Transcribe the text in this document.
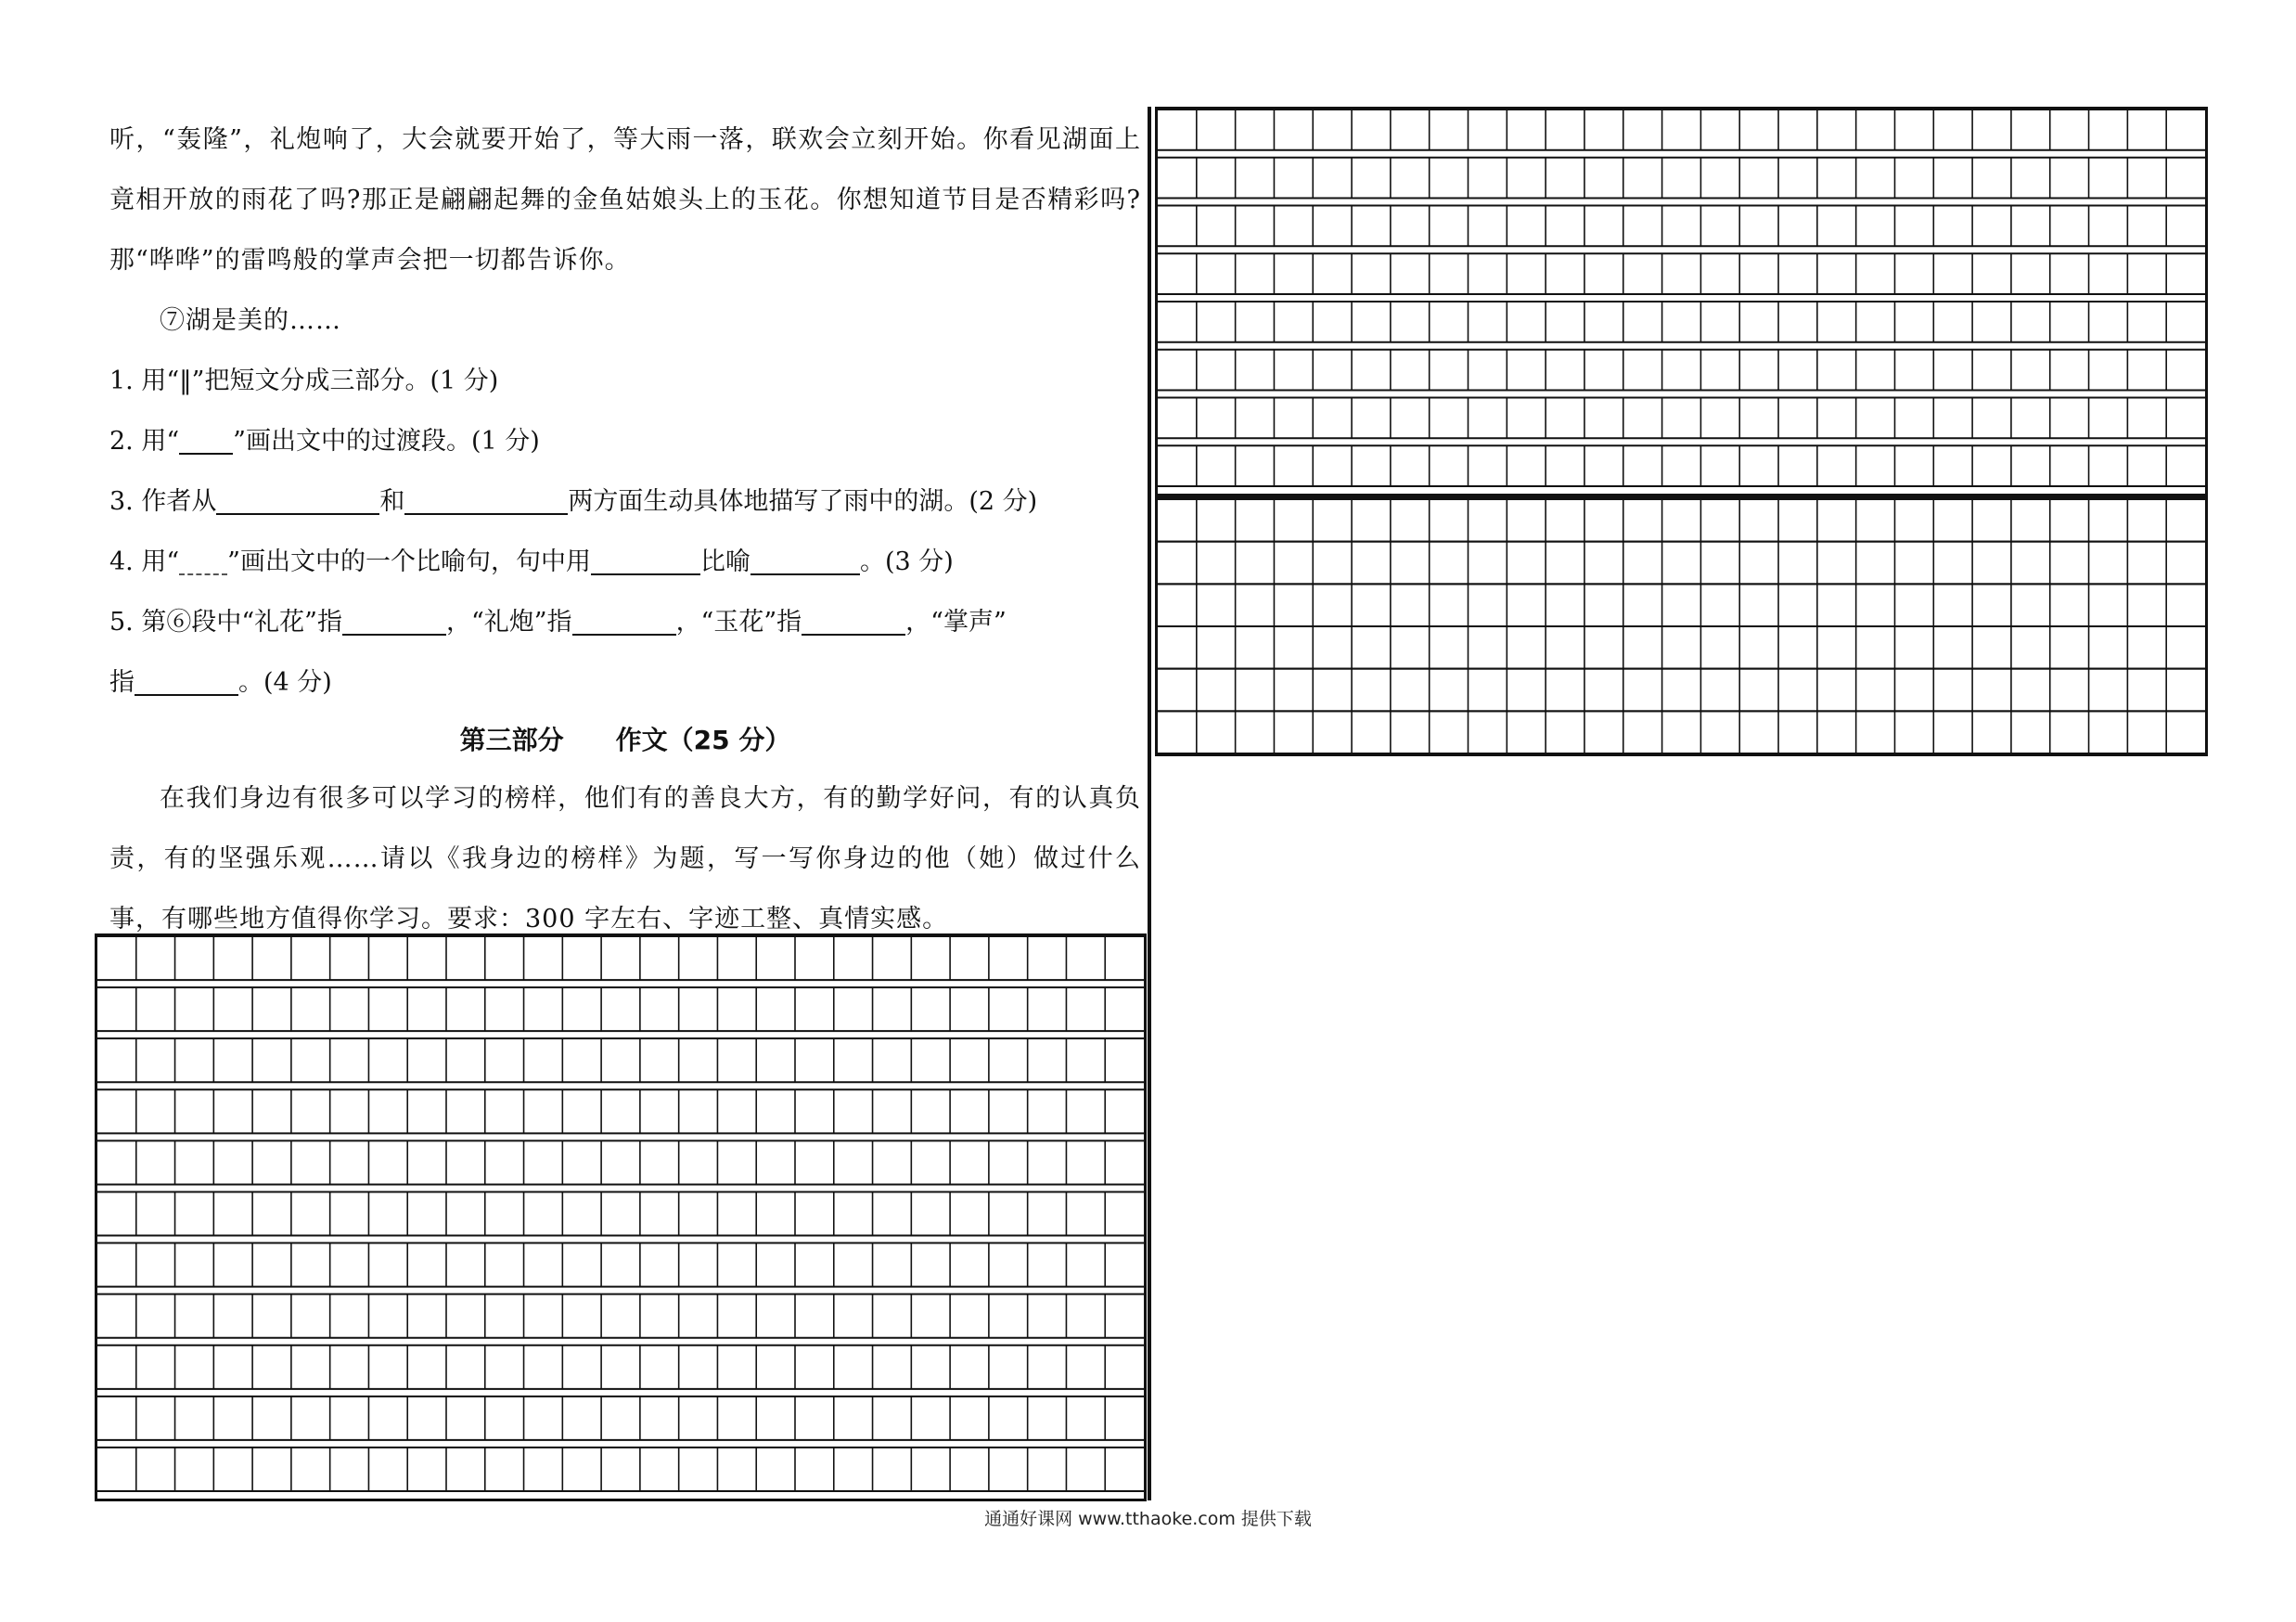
听，“轰隆”，礼炮响了，大会就要开始了，等大雨一落，联欢会立刻开始。你看见湖面上竟相开放的雨花了吗?那正是翩翩起舞的金鱼姑娘头上的玉花。你想知道节目是否精彩吗?那“哗哗”的雷鸣般的掌声会把一切都告诉你。

⑦湖是美的……

1. 用“‖”把短文分成三部分。(1 分)

2. 用“ ”画出文中的过渡段。(1 分)

3. 作者从	和	两方面生动具体地描写了雨中的湖。(2 分)

4. 用“ ”画出文中的一个比喻句，句中用	比喻	。(3 分)

5. 第⑥段中“礼花”指	，“礼炮”指	，“玉花”指	，“掌声”

指	。(4 分)

第三部分　　作文（25 分）

在我们身边有很多可以学习的榜样，他们有的善良大方，有的勤学好问，有的认真负责，有的坚强乐观……请以《我身边的榜样》为题，写一写你身边的他（她）做过什么事，有哪些地方值得你学习。要求：300 字左右、字迹工整、真情实感。

通通好课网 www.tthaoke.com 提供下载
